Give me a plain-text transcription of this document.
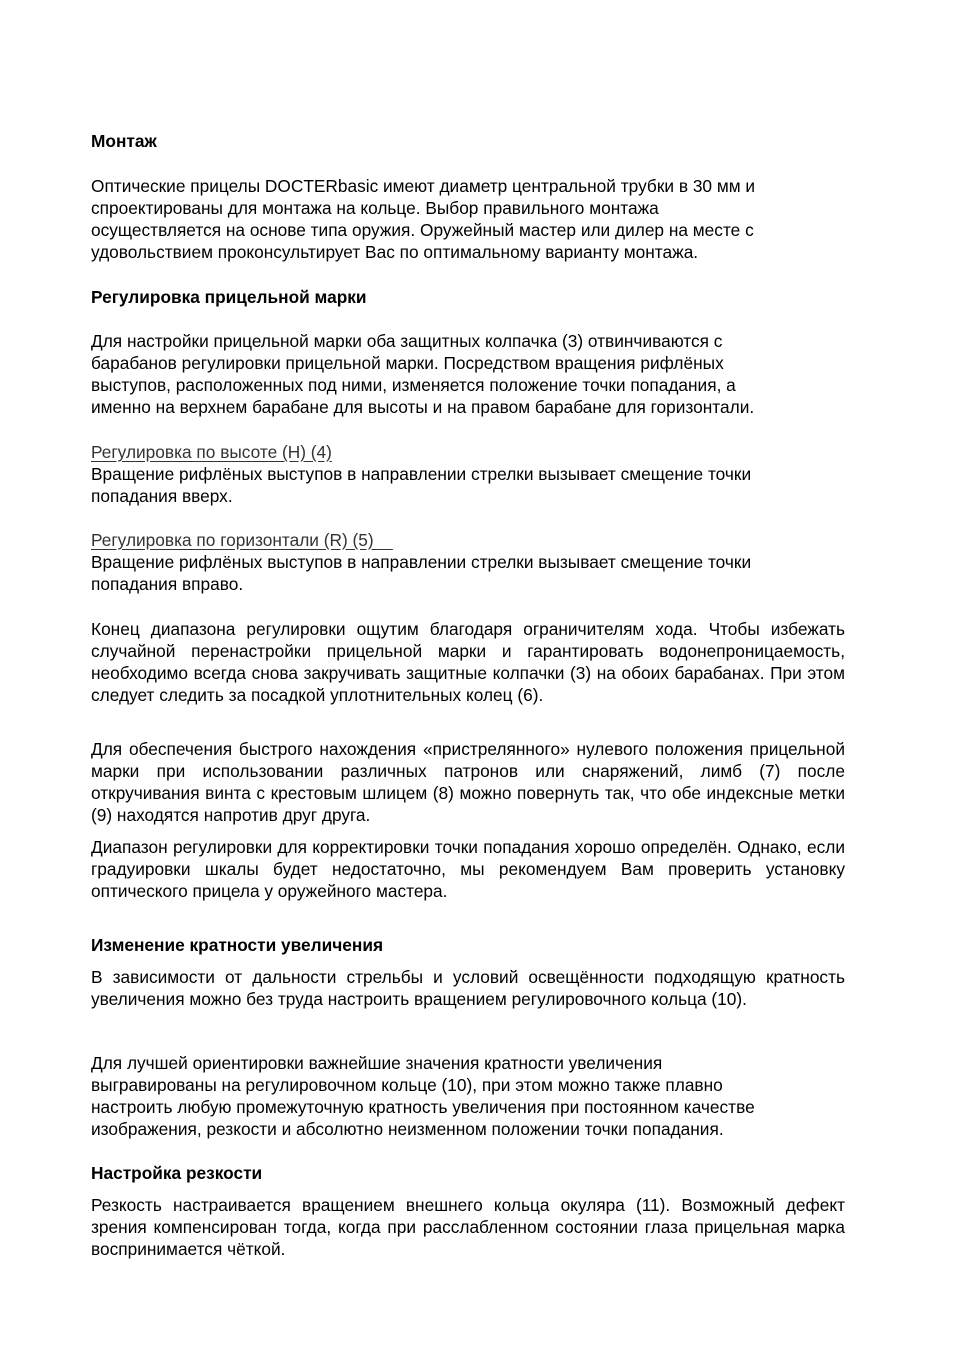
Монтаж
Оптические прицелы DOCTERbasic имеют диаметр центральной трубки в 30 мм и
спроектированы для монтажа на кольце. Выбор правильного монтажа
осуществляется на основе типа оружия. Оружейный мастер или дилер на месте с
удовольствием проконсультирует Вас по оптимальному варианту монтажа.
Регулировка прицельной марки
Для настройки прицельной марки оба защитных колпачка (3) отвинчиваются с
барабанов регулировки прицельной марки. Посредством вращения рифлёных
выступов, расположенных под ними, изменяется положение точки попадания, а
именно на верхнем барабане для высоты и на правом барабане для горизонтали.
Регулировка по высоте (Н) (4)
Вращение рифлёных выступов в направлении стрелки вызывает смещение точки
попадания вверх.
Регулировка по горизонтали (R) (5)
Вращение рифлёных выступов в направлении стрелки вызывает смещение точки
попадания вправо.
Конец диапазона регулировки ощутим благодаря ограничителям хода. Чтобы избежать случайной перенастройки прицельной марки и гарантировать водонепроницаемость, необходимо всегда снова закручивать защитные колпачки (3) на обоих барабанах. При этом следует следить за посадкой уплотнительных колец (6).
Для обеспечения быстрого нахождения «пристрелянного» нулевого положения прицельной марки при использовании различных патронов или снаряжений, лимб (7) после откручивания винта с крестовым шлицем (8) можно повернуть так, что обе индексные метки (9) находятся напротив друг друга.
Диапазон регулировки для корректировки точки попадания хорошо определён. Однако, если градуировки шкалы будет недостаточно, мы рекомендуем Вам проверить установку оптического прицела у оружейного мастера.
Изменение кратности увеличения
В зависимости от дальности стрельбы и условий освещённости подходящую кратность увеличения можно без труда настроить вращением регулировочного кольца (10).
Для лучшей ориентировки важнейшие значения кратности увеличения
выгравированы на регулировочном кольце (10), при этом можно также плавно
настроить любую промежуточную кратность увеличения при постоянном качестве
изображения, резкости и абсолютно неизменном положении точки попадания.
Настройка резкости
Резкость настраивается вращением внешнего кольца окуляра (11). Возможный дефект зрения компенсирован тогда, когда при расслабленном состоянии глаза прицельная марка воспринимается чёткой.
